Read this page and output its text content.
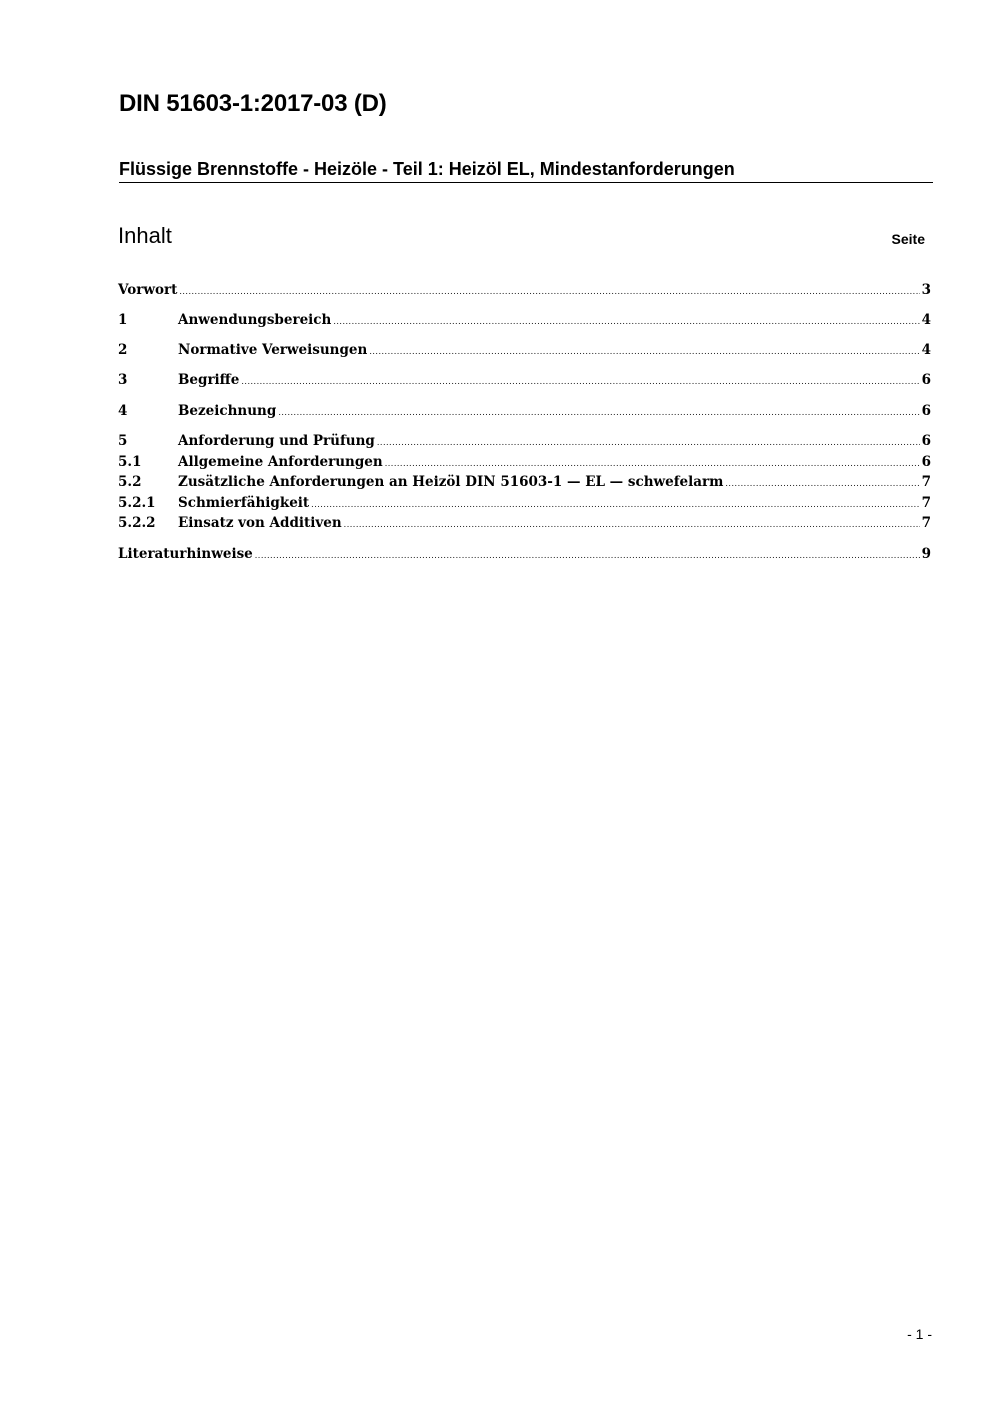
DIN 51603-1:2017-03 (D)
Flüssige Brennstoffe - Heizöle - Teil 1: Heizöl EL, Mindestanforderungen
Inhalt	Seite
Vorwort .....	3
1	Anwendungsbereich .....	4
2	Normative Verweisungen .....	4
3	Begriffe .....	6
4	Bezeichnung .....	6
5	Anforderung und Prüfung .....	6
5.1	Allgemeine Anforderungen .....	6
5.2	Zusätzliche Anforderungen an Heizöl DIN 51603-1 — EL — schwefelarm .....	7
5.2.1	Schmierfähigkeit .....	7
5.2.2	Einsatz von Additiven .....	7
Literaturhinweise .....	9
- 1 -
